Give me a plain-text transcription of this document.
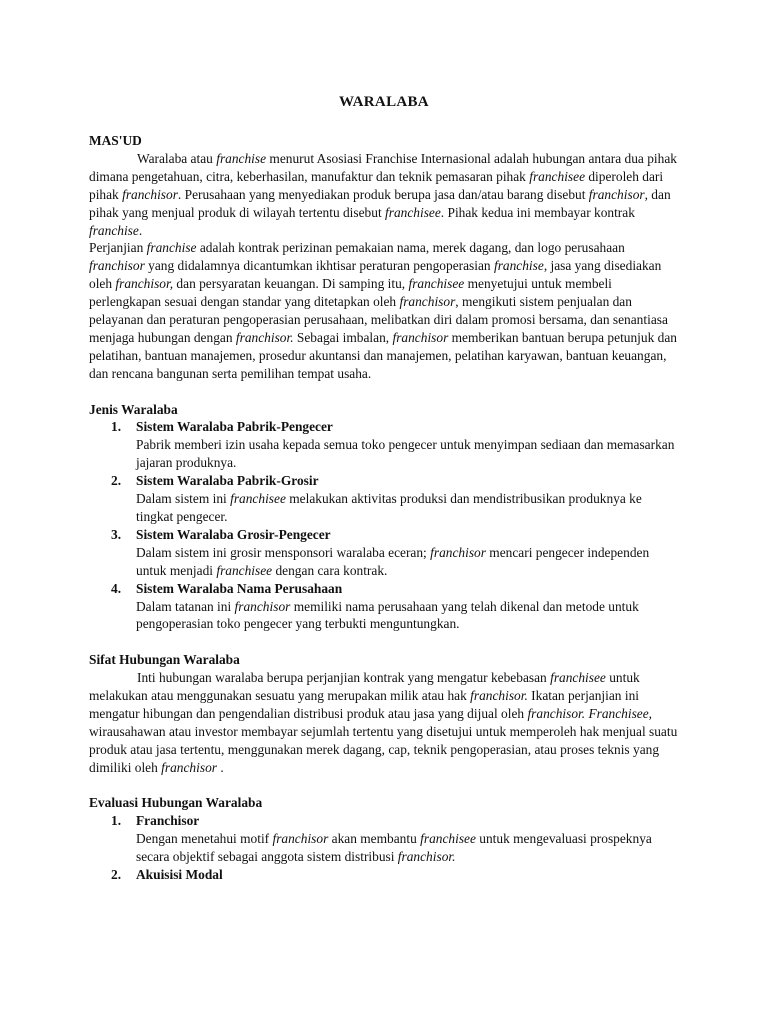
WARALABA
MAS'UD
Waralaba atau franchise menurut Asosiasi Franchise Internasional adalah hubungan antara dua pihak dimana pengetahuan, citra, keberhasilan, manufaktur dan teknik pemasaran pihak franchisee diperoleh dari pihak franchisor. Perusahaan yang menyediakan produk berupa jasa dan/atau barang disebut franchisor, dan pihak yang menjual produk di wilayah tertentu disebut franchisee. Pihak kedua ini membayar kontrak franchise.
Perjanjian franchise adalah kontrak perizinan pemakaian nama, merek dagang, dan logo perusahaan franchisor yang didalamnya dicantumkan ikhtisar peraturan pengoperasian franchise, jasa yang disediakan oleh franchisor, dan persyaratan keuangan. Di samping itu, franchisee menyetujui untuk membeli perlengkapan sesuai dengan standar yang ditetapkan oleh franchisor, mengikuti sistem penjualan dan pelayanan dan peraturan pengoperasian perusahaan, melibatkan diri dalam promosi bersama, dan senantiasa menjaga hubungan dengan franchisor. Sebagai imbalan, franchisor memberikan bantuan berupa petunjuk dan pelatihan, bantuan manajemen, prosedur akuntansi dan manajemen, pelatihan karyawan, bantuan keuangan, dan rencana bangunan serta pemilihan tempat usaha.
Jenis Waralaba
1. Sistem Waralaba Pabrik-Pengecer
Pabrik memberi izin usaha kepada semua toko pengecer untuk menyimpan sediaan dan memasarkan jajaran produknya.
2. Sistem Waralaba Pabrik-Grosir
Dalam sistem ini franchisee melakukan aktivitas produksi dan mendistribusikan produknya ke tingkat pengecer.
3. Sistem Waralaba Grosir-Pengecer
Dalam sistem ini grosir mensponsori waralaba eceran; franchisor mencari pengecer independen untuk menjadi franchisee dengan cara kontrak.
4. Sistem Waralaba Nama Perusahaan
Dalam tatanan ini franchisor memiliki nama perusahaan yang telah dikenal dan metode untuk pengoperasian toko pengecer yang terbukti menguntungkan.
Sifat Hubungan Waralaba
Inti hubungan waralaba berupa perjanjian kontrak yang mengatur kebebasan franchisee untuk melakukan atau menggunakan sesuatu yang merupakan milik atau hak franchisor. Ikatan perjanjian ini mengatur hibungan dan pengendalian distribusi produk atau jasa yang dijual oleh franchisor. Franchisee, wirausahawan atau investor membayar sejumlah tertentu yang disetujui untuk memperoleh hak menjual suatu produk atau jasa tertentu, menggunakan merek dagang, cap, teknik pengoperasian, atau proses teknis yang dimiliki oleh franchisor .
Evaluasi Hubungan Waralaba
1. Franchisor
Dengan menetahui motif franchisor akan membantu franchisee untuk mengevaluasi prospeknya secara objektif sebagai anggota sistem distribusi franchisor.
2. Akuisisi Modal
